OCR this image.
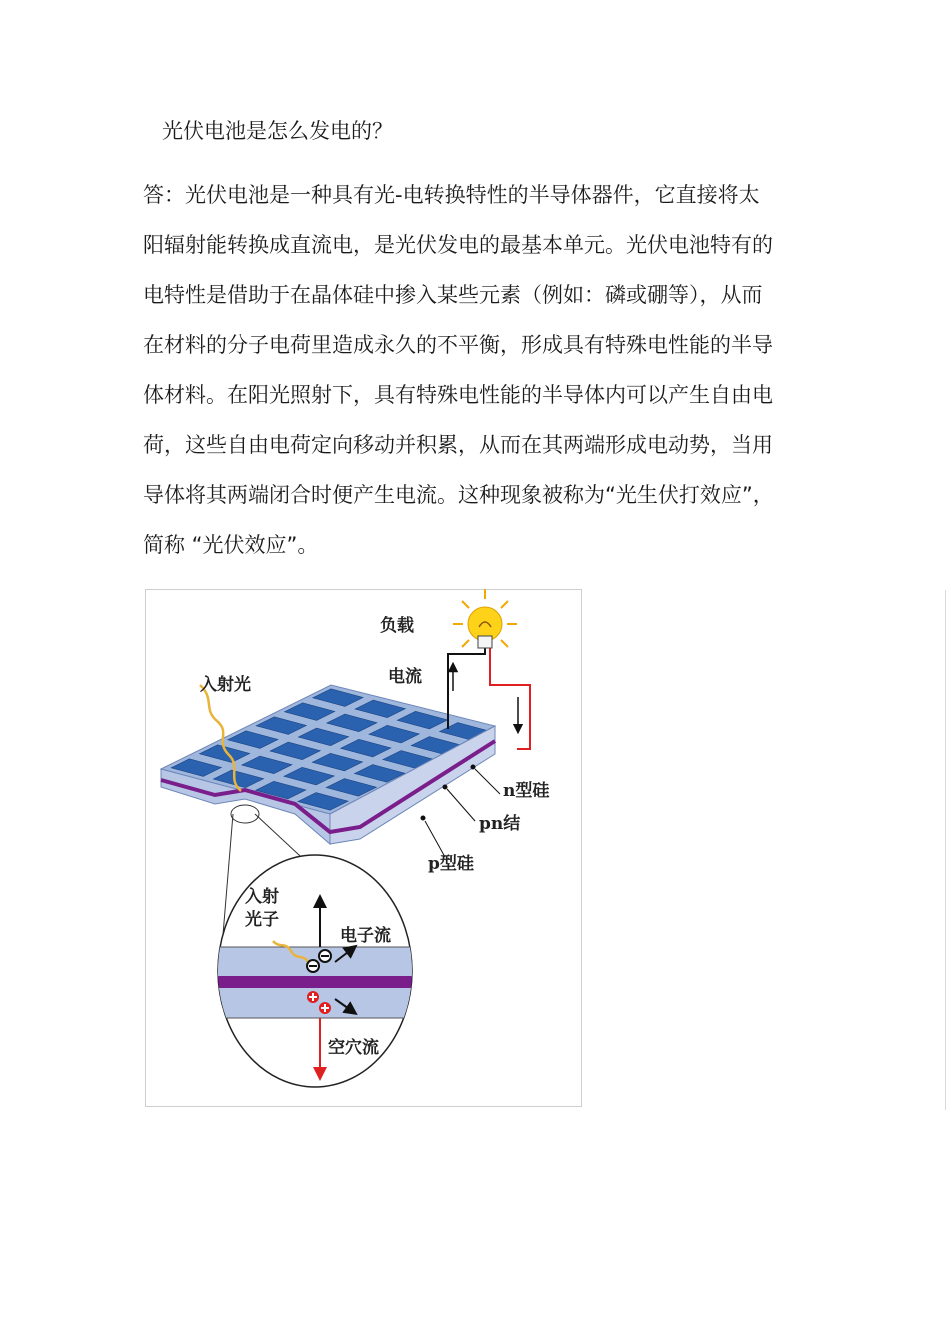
光伏电池是怎么发电的？
答：光伏电池是一种具有光-电转换特性的半导体器件，它直接将太
阳辐射能转换成直流电，是光伏发电的最基本单元。光伏电池特有的
电特性是借助于在晶体硅中掺入某些元素（例如：磷或硼等），从而
在材料的分子电荷里造成永久的不平衡，形成具有特殊电性能的半导
体材料。在阳光照射下，具有特殊电性能的半导体内可以产生自由电
荷，这些自由电荷定向移动并积累，从而在其两端形成电动势，当用
导体将其两端闭合时便产生电流。这种现象被称为“光生伏打效应”，
简称 “光伏效应”。
负载
电流
入射光
n型硅
pn结
p型硅
入射
光子
电子流
空穴流
